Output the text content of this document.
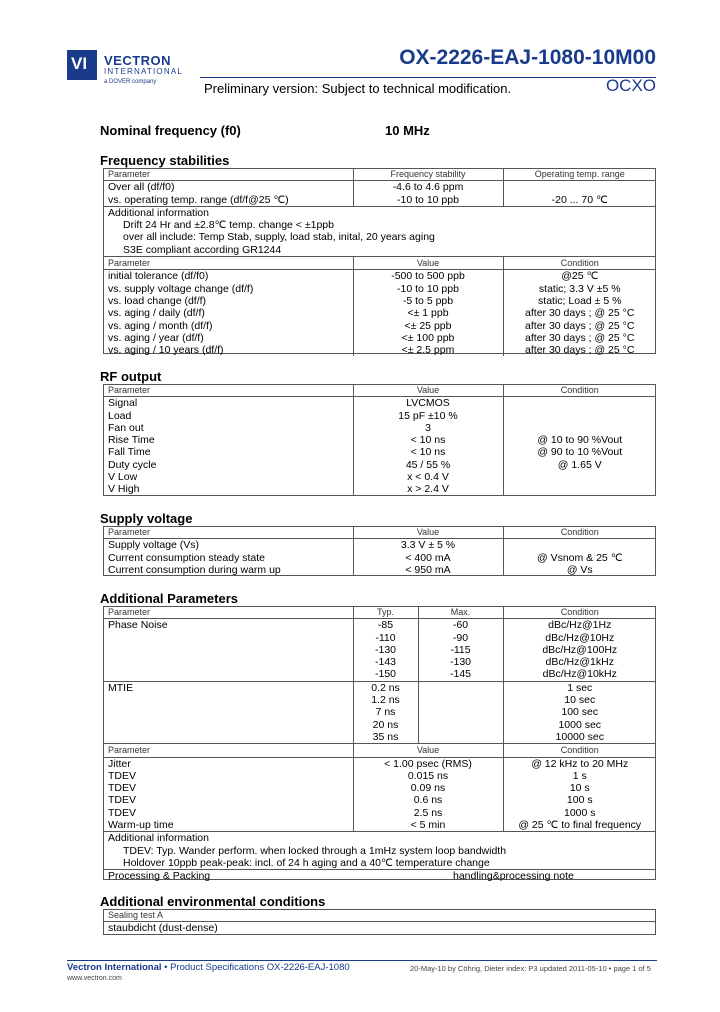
VI VECTRON
INTERNATIONAL
a DOVER company
OX-2226-EAJ-1080-10M00
Preliminary version: Subject to technical modification.	OCXO
Nominal frequency (f0)	10 MHz
Frequency stabilities
Parameter	Frequency stability	Operating temp. range
Over all (df/f0)	-4.6 to 4.6 ppm	
vs. operating temp. range (df/f@25 ℃)	-10 to 10 ppb	-20 ... 70 ℃
Additional information		
Drift 24 Hr and ±2.8℃ temp. change < ±1ppb		
over all include: Temp Stab, supply, load stab, inital, 20 years aging		
S3E compliant according GR1244		
Parameter	Value	Condition
initial tolerance (df/f0)	-500 to 500 ppb	@25 ℃
vs. supply voltage change (df/f)	-10 to 10 ppb	static; 3.3 V ±5 %
vs. load change (df/f)	-5 to 5 ppb	static; Load ± 5 %
vs. aging / daily (df/f)	<± 1 ppb	after 30 days ; @ 25 °C
vs. aging / month (df/f)	<± 25 ppb	after 30 days ; @ 25 °C
vs. aging / year (df/f)	<± 100 ppb	after 30 days ; @ 25 °C
vs. aging / 10 years (df/f)	<± 2.5 ppm	after 30 days ; @ 25 °C
RF output
Parameter	Value	Condition
Signal	LVCMOS	
Load	15 pF ±10 %	
Fan out	3	
Rise Time	< 10 ns	@ 10 to 90 %Vout
Fall Time	< 10 ns	@ 90 to 10 %Vout
Duty cycle	45 / 55 %	@ 1.65 V
V Low	x < 0.4 V	
V High	x > 2.4 V	
Supply voltage
Parameter	Value	Condition
Supply voltage (Vs)	3.3 V ± 5 %	
Current consumption steady state	< 400 mA	@ Vsnom & 25 ℃
Current consumption during warm up	< 950 mA	@ Vs
Additional Parameters
Parameter	Typ.	Max.	Condition
Phase Noise	-85	-60	dBc/Hz@1Hz
	-110	-90	dBc/Hz@10Hz
	-130	-115	dBc/Hz@100Hz
	-143	-130	dBc/Hz@1kHz
	-150	-145	dBc/Hz@10kHz
MTIE	0.2 ns		1 sec
	1.2 ns		10 sec
	7 ns		100 sec
	20 ns		1000 sec
	35 ns		10000 sec
Parameter	Value		Condition
Jitter	< 1.00 psec (RMS)		@ 12 kHz to 20 MHz
TDEV	0.015 ns		1 s
TDEV	0.09 ns		10 s
TDEV	0.6 ns		100 s
TDEV	2.5 ns		1000 s
Warm-up time	< 5 min		@ 25 ℃ to final frequency
Additional information			
TDEV: Typ. Wander perform. when locked through a 1mHz system loop bandwidth			
Holdover 10ppb peak-peak: incl. of 24 h aging and a 40℃ temperature change			
Processing & Packing	handling&processing note		
Additional environmental conditions
Sealing test A
staubdicht (dust-dense)
Vectron International • Product Specifications OX-2226-EAJ-1080	20-May-10 by Cöhrig, Dieter index: P3 updated 2011-05-10 • page 1 of 5
www.vectron.com
